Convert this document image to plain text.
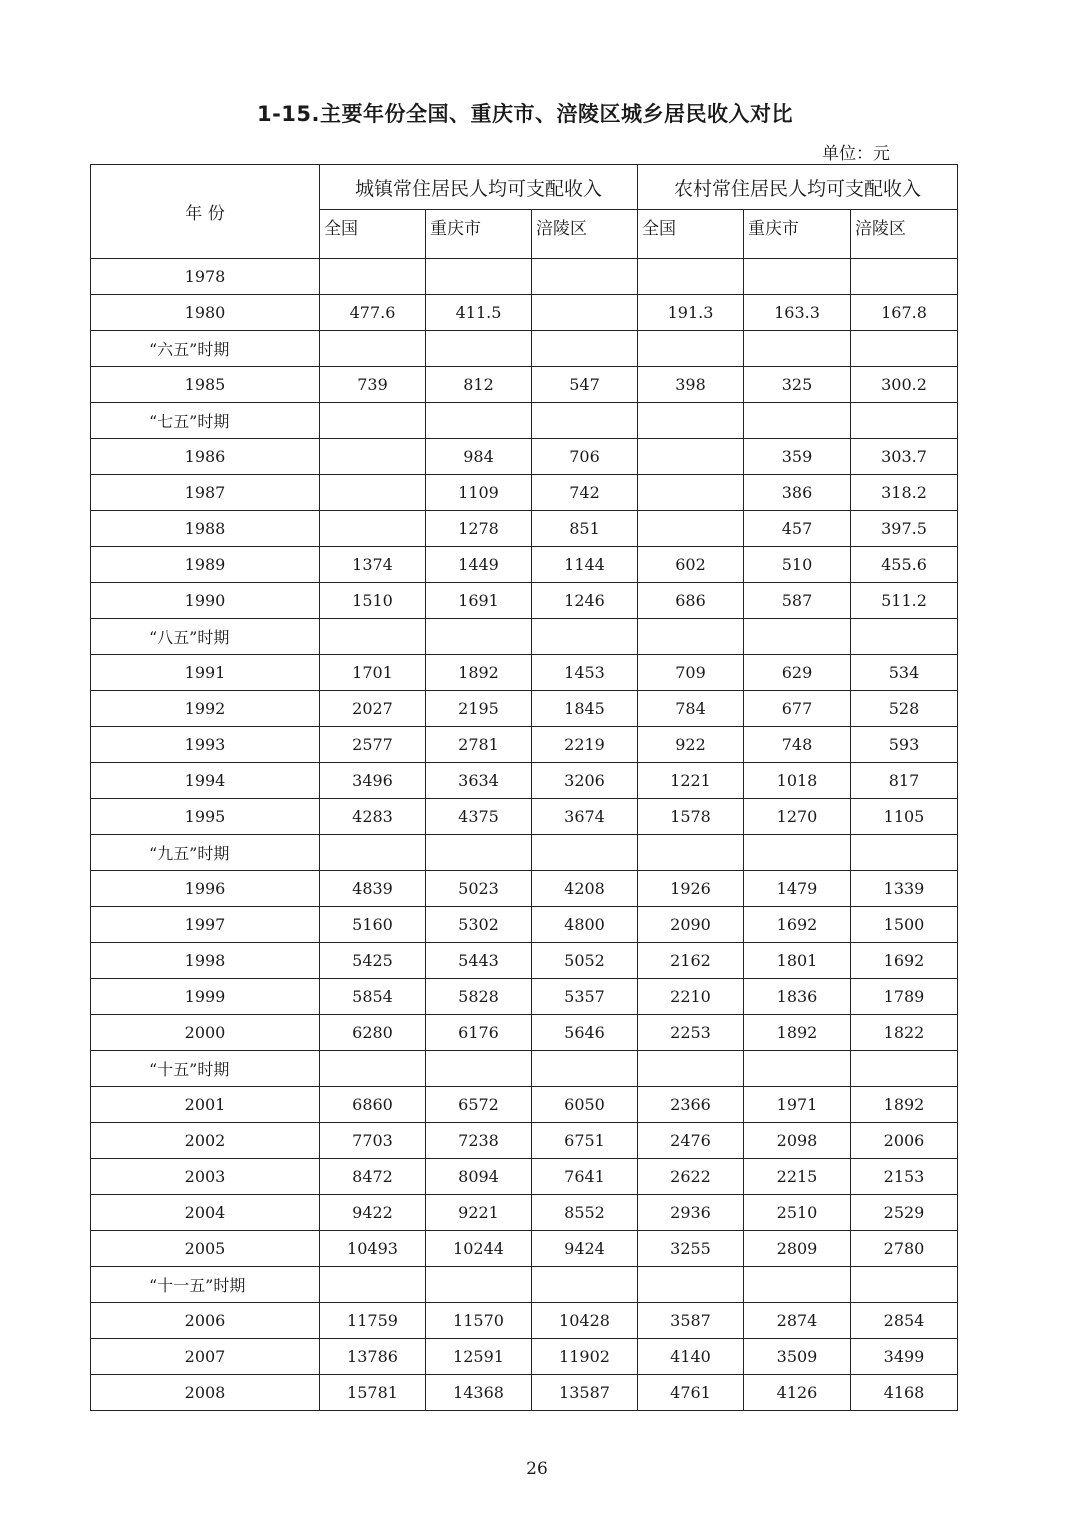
1-15.主要年份全国、重庆市、涪陵区城乡居民收入对比
单位：元
年 份	城镇常住居民人均可支配收入			农村常住居民人均可支配收入		
	全国	重庆市	涪陵区	全国	重庆市	涪陵区
1978						
1980	477.6	411.5		191.3	163.3	167.8
“六五”时期						
1985	739	812	547	398	325	300.2
“七五”时期						
1986		984	706		359	303.7
1987		1109	742		386	318.2
1988		1278	851		457	397.5
1989	1374	1449	1144	602	510	455.6
1990	1510	1691	1246	686	587	511.2
“八五”时期						
1991	1701	1892	1453	709	629	534
1992	2027	2195	1845	784	677	528
1993	2577	2781	2219	922	748	593
1994	3496	3634	3206	1221	1018	817
1995	4283	4375	3674	1578	1270	1105
“九五”时期						
1996	4839	5023	4208	1926	1479	1339
1997	5160	5302	4800	2090	1692	1500
1998	5425	5443	5052	2162	1801	1692
1999	5854	5828	5357	2210	1836	1789
2000	6280	6176	5646	2253	1892	1822
“十五”时期						
2001	6860	6572	6050	2366	1971	1892
2002	7703	7238	6751	2476	2098	2006
2003	8472	8094	7641	2622	2215	2153
2004	9422	9221	8552	2936	2510	2529
2005	10493	10244	9424	3255	2809	2780
“十一五”时期						
2006	11759	11570	10428	3587	2874	2854
2007	13786	12591	11902	4140	3509	3499
2008	15781	14368	13587	4761	4126	4168
26
